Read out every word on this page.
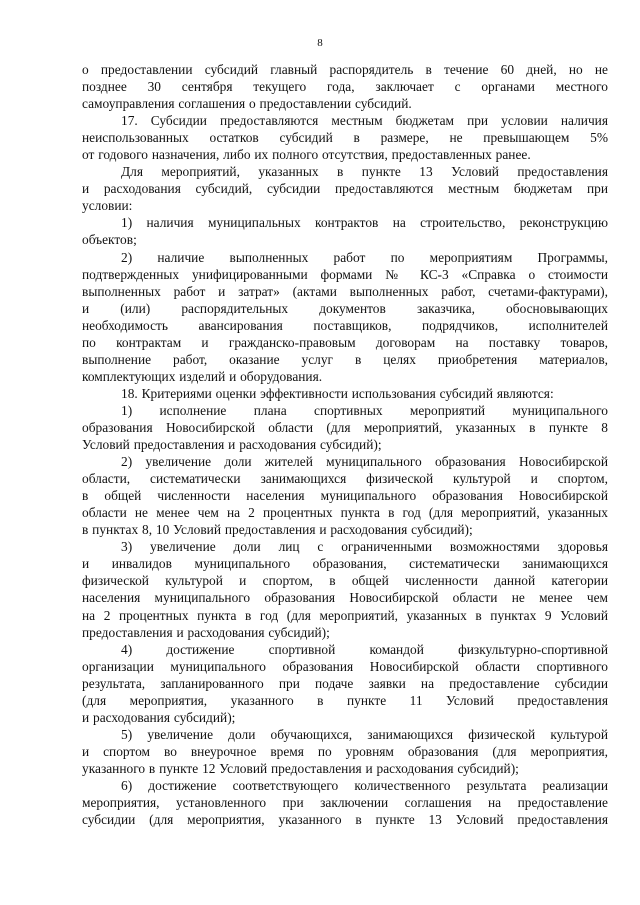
8

о предоставлении субсидий главный распорядитель в течение 60 дней, но не

позднее 30 сентября текущего года, заключает с органами местного

самоуправления соглашения о предоставлении субсидий.

17. Субсидии предоставляются местным бюджетам при условии наличия

неиспользованных остатков субсидий в размере, не превышающем 5%

от годового назначения, либо их полного отсутствия, предоставленных ранее.

Для мероприятий, указанных в пункте 13 Условий предоставления

и расходования субсидий, субсидии предоставляются местным бюджетам при

условии:

1) наличия муниципальных контрактов на строительство, реконструкцию

объектов;

2) наличие выполненных работ по мероприятиям Программы,

подтвержденных унифицированными формами № КС-3 «Справка о стоимости

выполненных работ и затрат» (актами выполненных работ, счетами-фактурами),

и (или) распорядительных документов заказчика, обосновывающих

необходимость авансирования поставщиков, подрядчиков, исполнителей

по контрактам и гражданско-правовым договорам на поставку товаров,

выполнение работ, оказание услуг в целях приобретения материалов,

комплектующих изделий и оборудования.

18. Критериями оценки эффективности использования субсидий являются:

1) исполнение плана спортивных мероприятий муниципального

образования Новосибирской области (для мероприятий, указанных в пункте 8

Условий предоставления и расходования субсидий);

2) увеличение доли жителей муниципального образования Новосибирской

области, систематически занимающихся физической культурой и спортом,

в общей численности населения муниципального образования Новосибирской

области не менее чем на 2 процентных пункта в год (для мероприятий, указанных

в пунктах 8, 10 Условий предоставления и расходования субсидий);

3) увеличение доли лиц с ограниченными возможностями здоровья

и инвалидов муниципального образования, систематически занимающихся

физической культурой и спортом, в общей численности данной категории

населения муниципального образования Новосибирской области не менее чем

на 2 процентных пункта в год (для мероприятий, указанных в пунктах 9 Условий

предоставления и расходования субсидий);

4) достижение спортивной командой физкультурно-спортивной

организации муниципального образования Новосибирской области спортивного

результата, запланированного при подаче заявки на предоставление субсидии

(для мероприятия, указанного в пункте 11 Условий предоставления

и расходования субсидий);

5) увеличение доли обучающихся, занимающихся физической культурой

и спортом во внеурочное время по уровням образования (для мероприятия,

указанного в пункте 12 Условий предоставления и расходования субсидий);

6) достижение соответствующего количественного результата реализации

мероприятия, установленного при заключении соглашения на предоставление

субсидии (для мероприятия, указанного в пункте 13 Условий предоставления
